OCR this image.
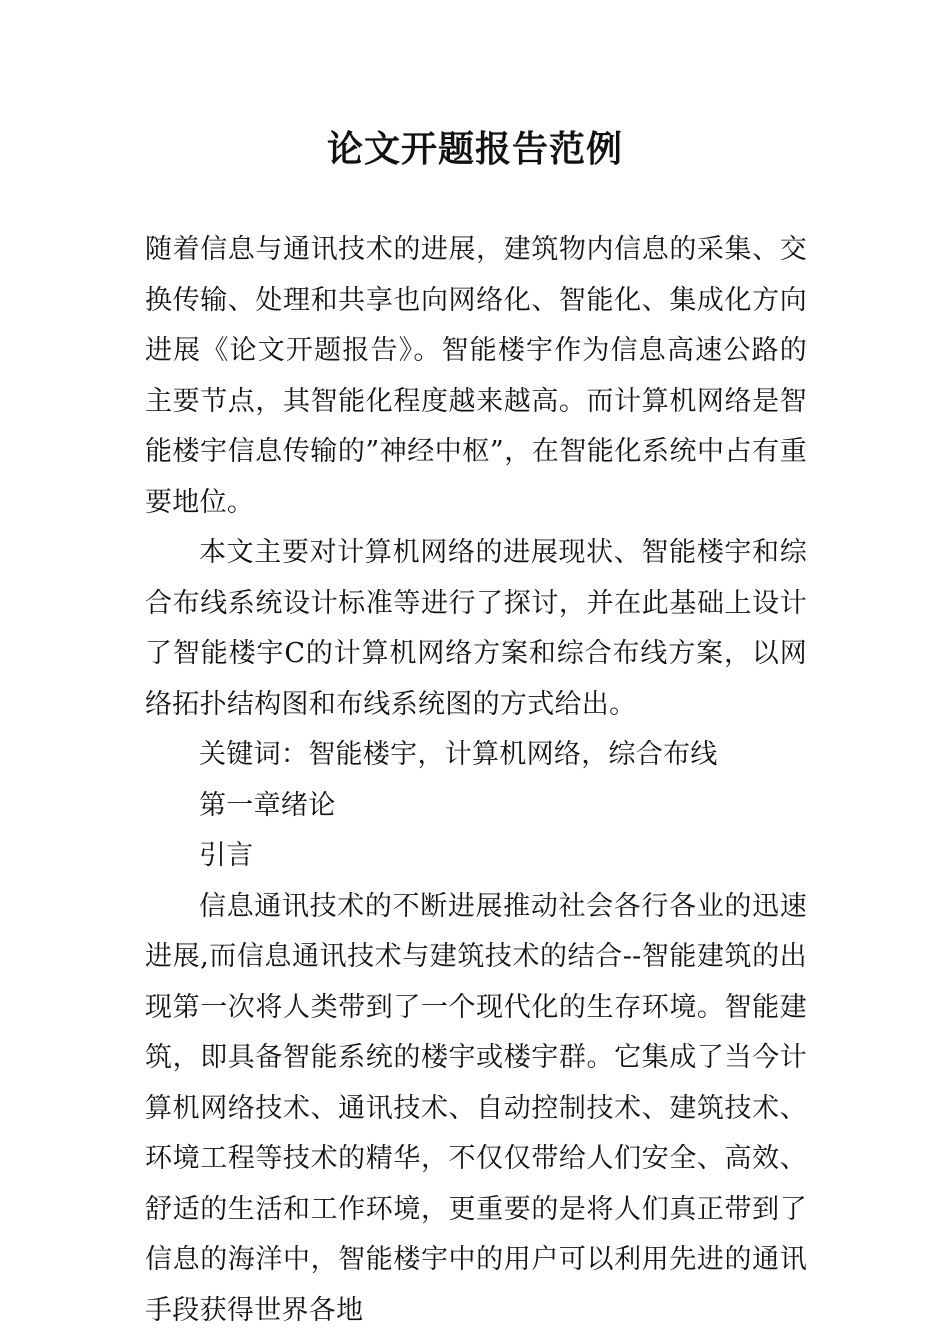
论文开题报告范例

随着信息与通讯技术的进展，建筑物内信息的采集、交换传输、处理和共享也向网络化、智能化、集成化方向进展《论文开题报告》。智能楼宇作为信息高速公路的主要节点，其智能化程度越来越高。而计算机网络是智能楼宇信息传输的”神经中枢”，在智能化系统中占有重要地位。

本文主要对计算机网络的进展现状、智能楼宇和综合布线系统设计标准等进行了探讨，并在此基础上设计了智能楼宇C的计算机网络方案和综合布线方案，以网络拓扑结构图和布线系统图的方式给出。

关键词：智能楼宇，计算机网络，综合布线

第一章绪论

引言

信息通讯技术的不断进展推动社会各行各业的迅速进展,而信息通讯技术与建筑技术的结合--智能建筑的出现第一次将人类带到了一个现代化的生存环境。智能建筑，即具备智能系统的楼宇或楼宇群。它集成了当今计算机网络技术、通讯技术、自动控制技术、建筑技术、环境工程等技术的精华，不仅仅带给人们安全、高效、舒适的生活和工作环境，更重要的是将人们真正带到了信息的海洋中，智能楼宇中的用户可以利用先进的通讯手段获得世界各地
